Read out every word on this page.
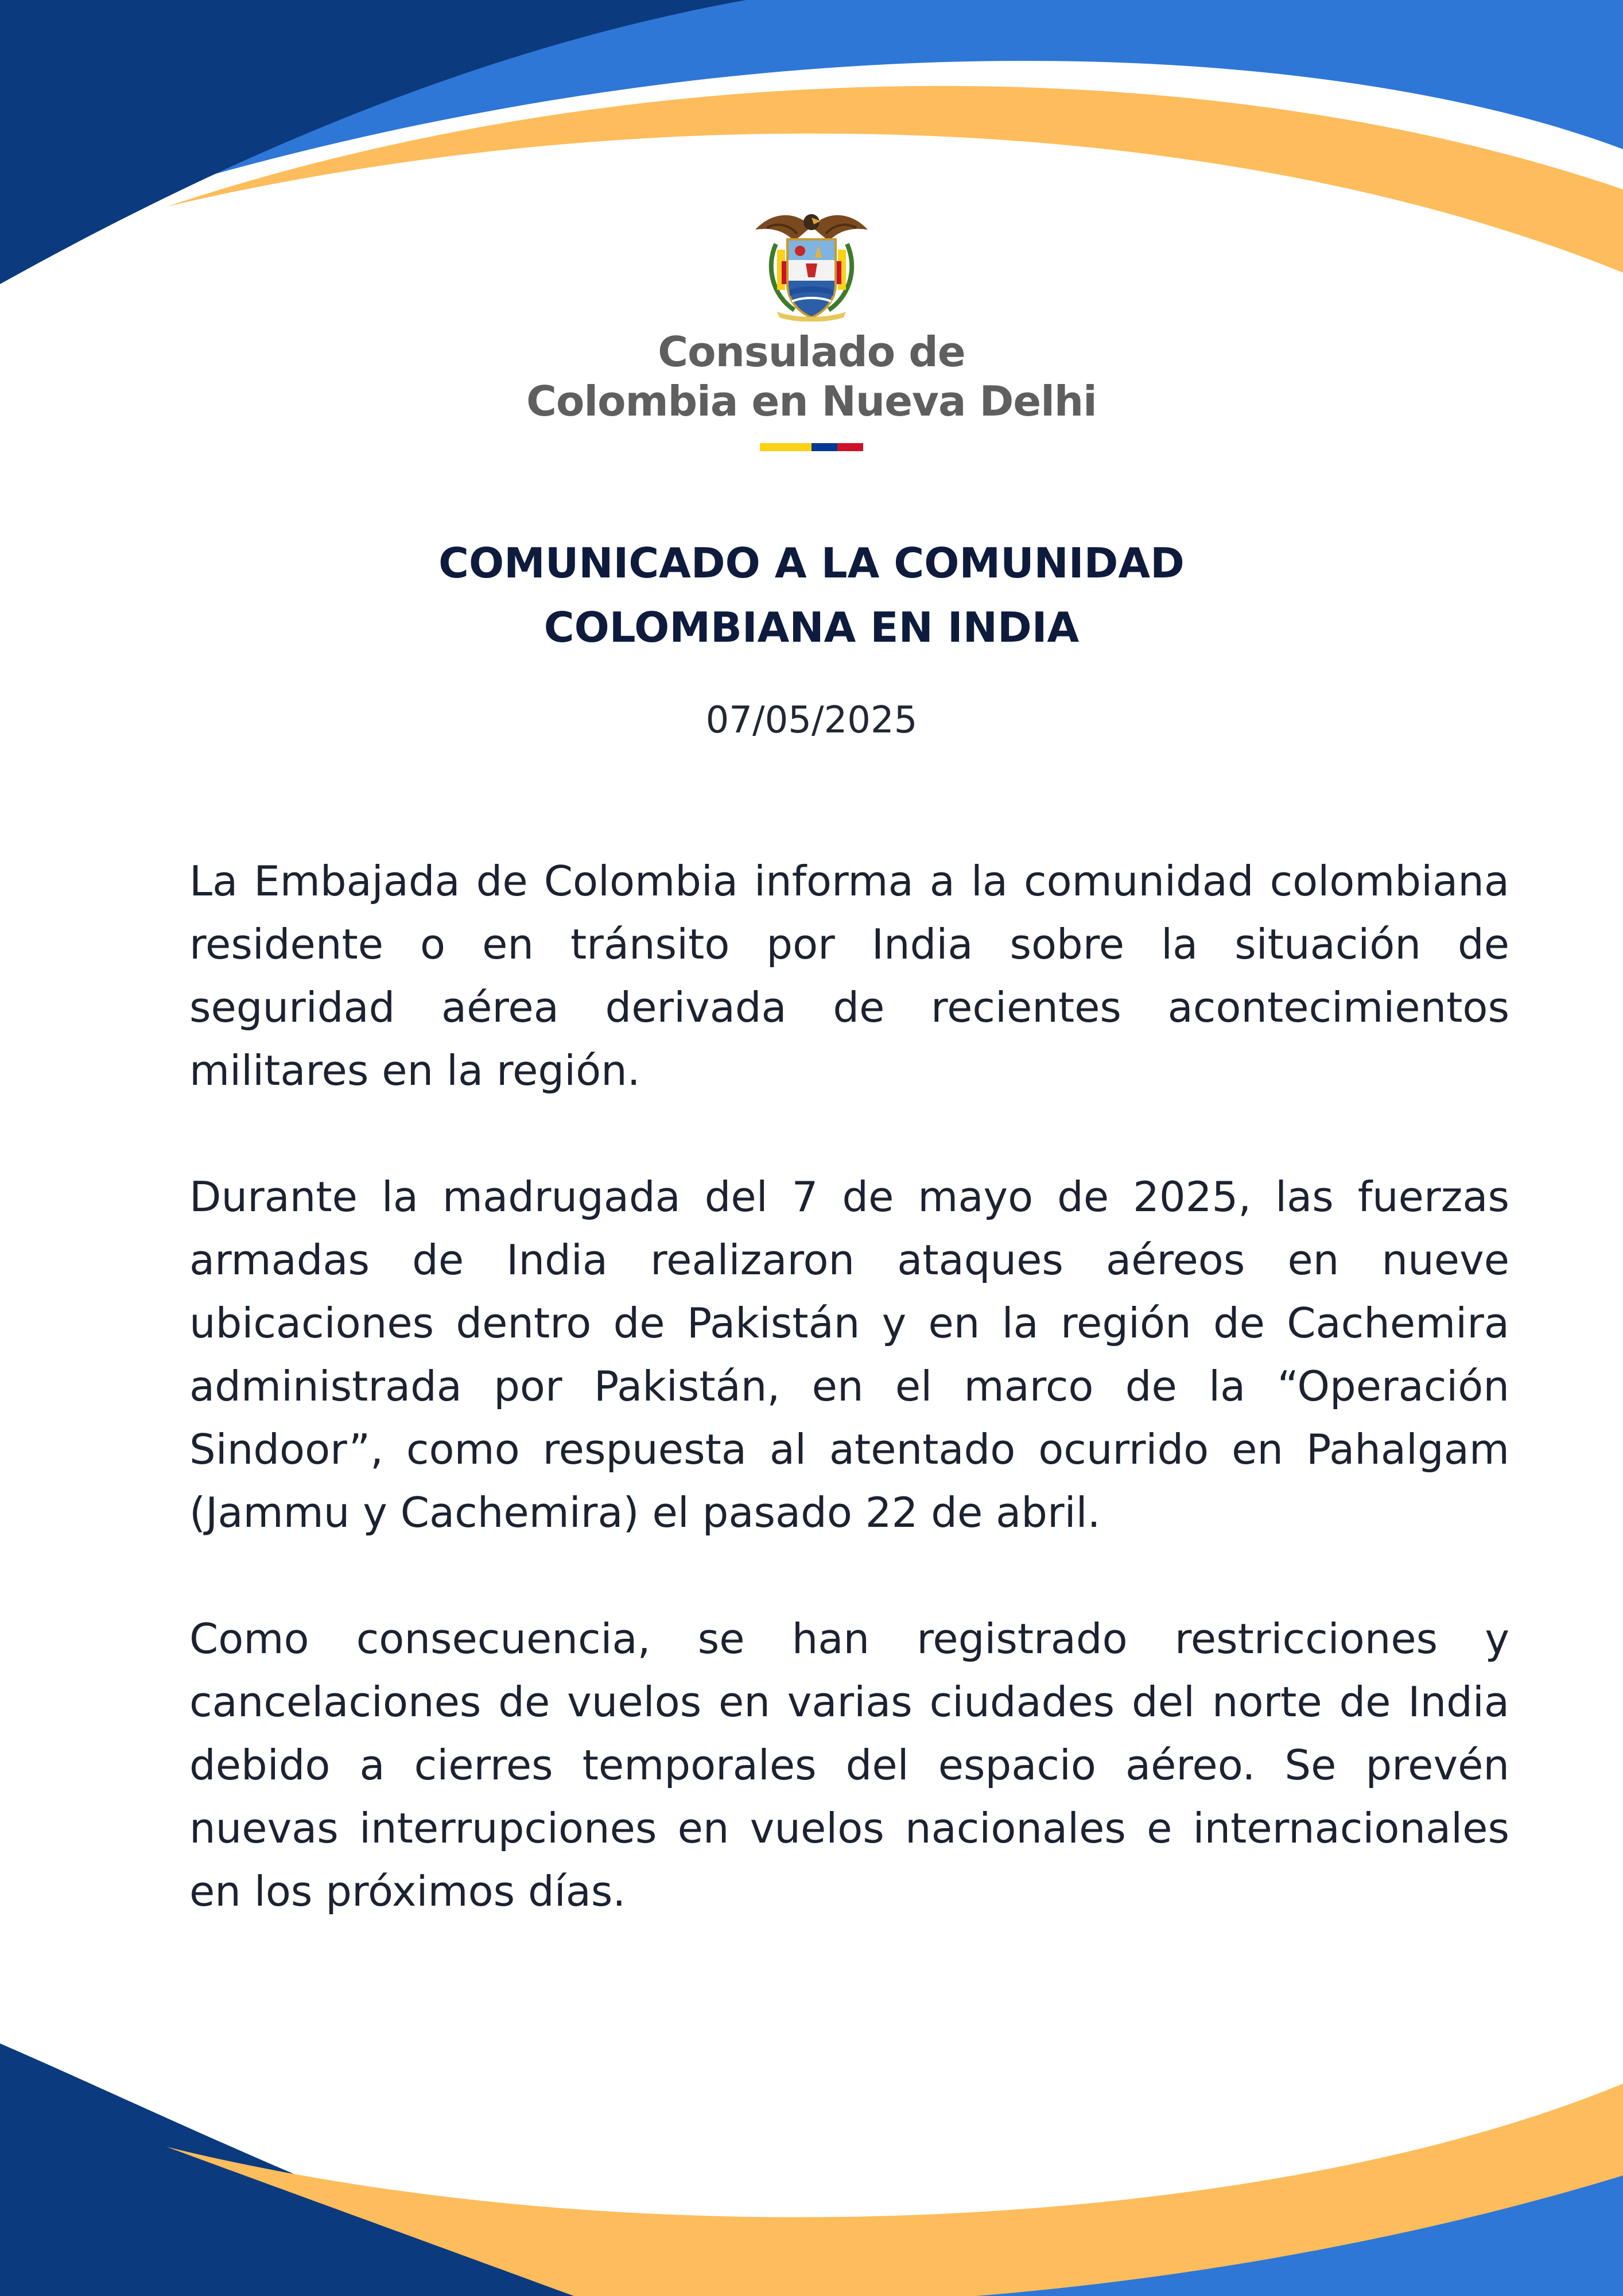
Consulado de
Colombia en Nueva Delhi
COMUNICADO A LA COMUNIDAD
COLOMBIANA EN INDIA
07/05/2025

La Embajada de Colombia informa a la comunidad colombiana residente o en tránsito por India sobre la situación de seguridad aérea derivada de recientes acontecimientos militares en la región.

Durante la madrugada del 7 de mayo de 2025, las fuerzas armadas de India realizaron ataques aéreos en nueve ubicaciones dentro de Pakistán y en la región de Cachemira administrada por Pakistán, en el marco de la “Operación Sindoor”, como respuesta al atentado ocurrido en Pahalgam (Jammu y Cachemira) el pasado 22 de abril.

Como consecuencia, se han registrado restricciones y cancelaciones de vuelos en varias ciudades del norte de India debido a cierres temporales del espacio aéreo. Se prevén nuevas interrupciones en vuelos nacionales e internacionales en los próximos días.
